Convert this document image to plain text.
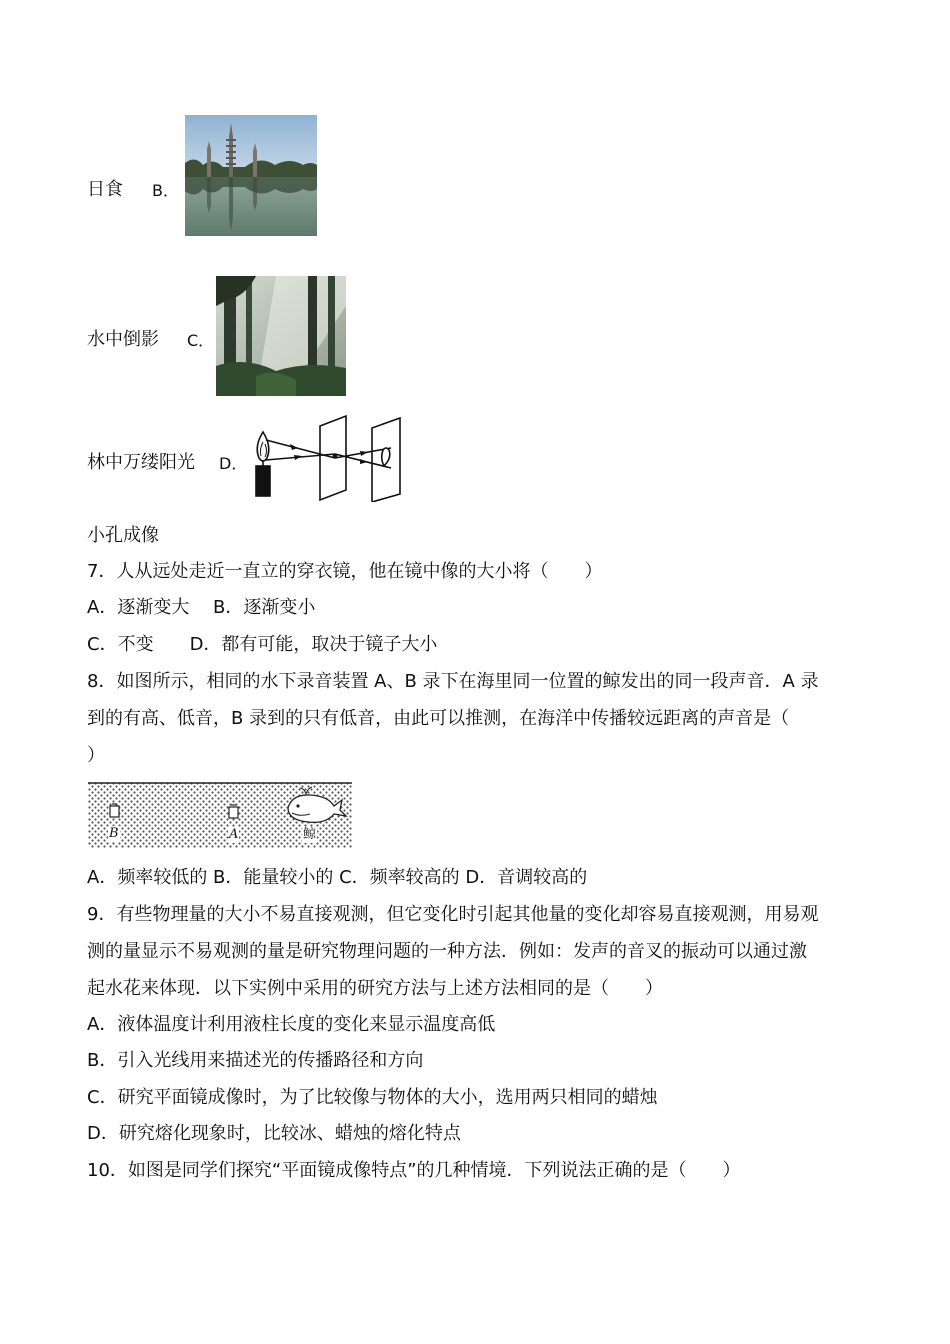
日食 B．
水中倒影 C．
林中万缕阳光 D．
小孔成像
7．人从远处走近一直立的穿衣镜，他在镜中像的大小将（　　）
A．逐渐变大　 B．逐渐变小
C．不变　　D．都有可能，取决于镜子大小
8．如图所示，相同的水下录音装置 A、B 录下在海里同一位置的鲸发出的同一段声音．A 录
到的有高、低音，B 录到的只有低音，由此可以推测，在海洋中传播较远距离的声音是（
）
B	A	鲸
A．频率较低的 B．能量较小的 C．频率较高的 D．音调较高的
9．有些物理量的大小不易直接观测，但它变化时引起其他量的变化却容易直接观测，用易观
测的量显示不易观测的量是研究物理问题的一种方法．例如：发声的音叉的振动可以通过激
起水花来体现．以下实例中采用的研究方法与上述方法相同的是（　　）
A．液体温度计利用液柱长度的变化来显示温度高低
B．引入光线用来描述光的传播路径和方向
C．研究平面镜成像时，为了比较像与物体的大小，选用两只相同的蜡烛
D．研究熔化现象时，比较冰、蜡烛的熔化特点
10．如图是同学们探究“平面镜成像特点”的几种情境．下列说法正确的是（　　）
